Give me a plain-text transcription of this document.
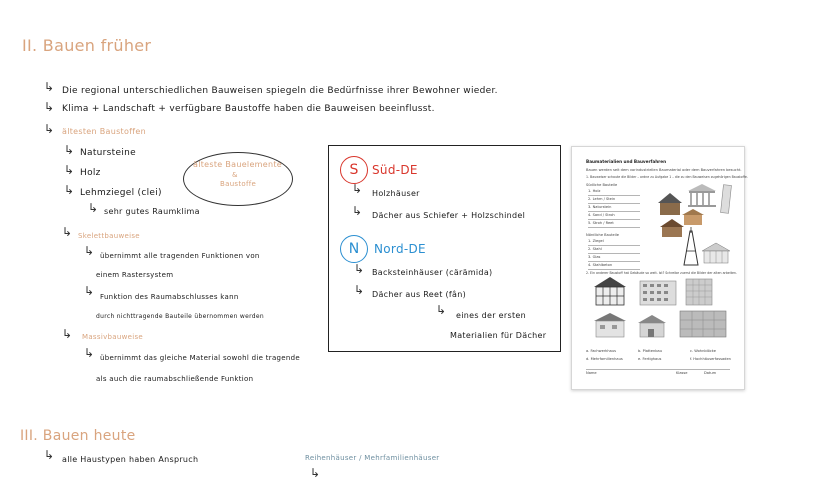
II. Bauen früher
↳ Die regional unterschiedlichen Bauweisen spiegeln die Bedürfnisse ihrer Bewohner wieder.
↳ Klima + Landschaft + verfügbare Baustoffe haben die Bauweisen beeinflusst.
↳ ältesten Baustoffen
↳ Natursteine
↳ Holz
↳ Lehmziegel (clei)
↳ sehr gutes Raumklima
älteste Bauelemente
&
Baustoffe
↳ Skelettbauweise
↳ übernimmt alle tragenden Funktionen von
einem Rastersystem
↳ Funktion des Raumabschlusses kann
durch nichttragende Bauteile übernommen werden
↳ Massivbauweise
↳ übernimmt das gleiche Material sowohl die tragende
als auch die raumabschließende Funktion
S	Süd-DE
↳ Holzhäuser
↳ Dächer aus Schiefer + Holzschindel
N	Nord-DE
↳ Backsteinhäuser (cärämida)
↳ Dächer aus Reet (fân)
↳ eines der ersten
Materialien für Dächer
Baumaterialien und Bauverfahren
Bauen werden seit dem vorindustriellen Baumaterial oder dem Bauverfahren besucht.
1. Bauweiser schaute die Bilder – ordne zu Aufgabe 1 – die zu den Bauweisen zugehörigen Baustoffe.
Südliche Bauteile
1. Holz
2. Lehm / Stein
3. Naturstein
4. Sand / Stroh
5. Stroh / Reet
Nördliche Bauteile
1. Ziegel
2. Stahl
3. Glas
4. Stahlbeton
2. Ein anderer Baustoff hat Gebäude so weit. Ist? Schreibe zuerst die Bilder der alten arbeiten.
a. Fachwerkhaus	b. Plattenbau	c. Wohnblöcke
d. Mehrfamilienhaus	e. Fertighaus	f. Hochhäuserfassaden
Name	Klasse	Datum
III. Bauen heute
↳ alle Haustypen haben Anspruch	Reihenhäuser / Mehrfamilienhäuser
↳
